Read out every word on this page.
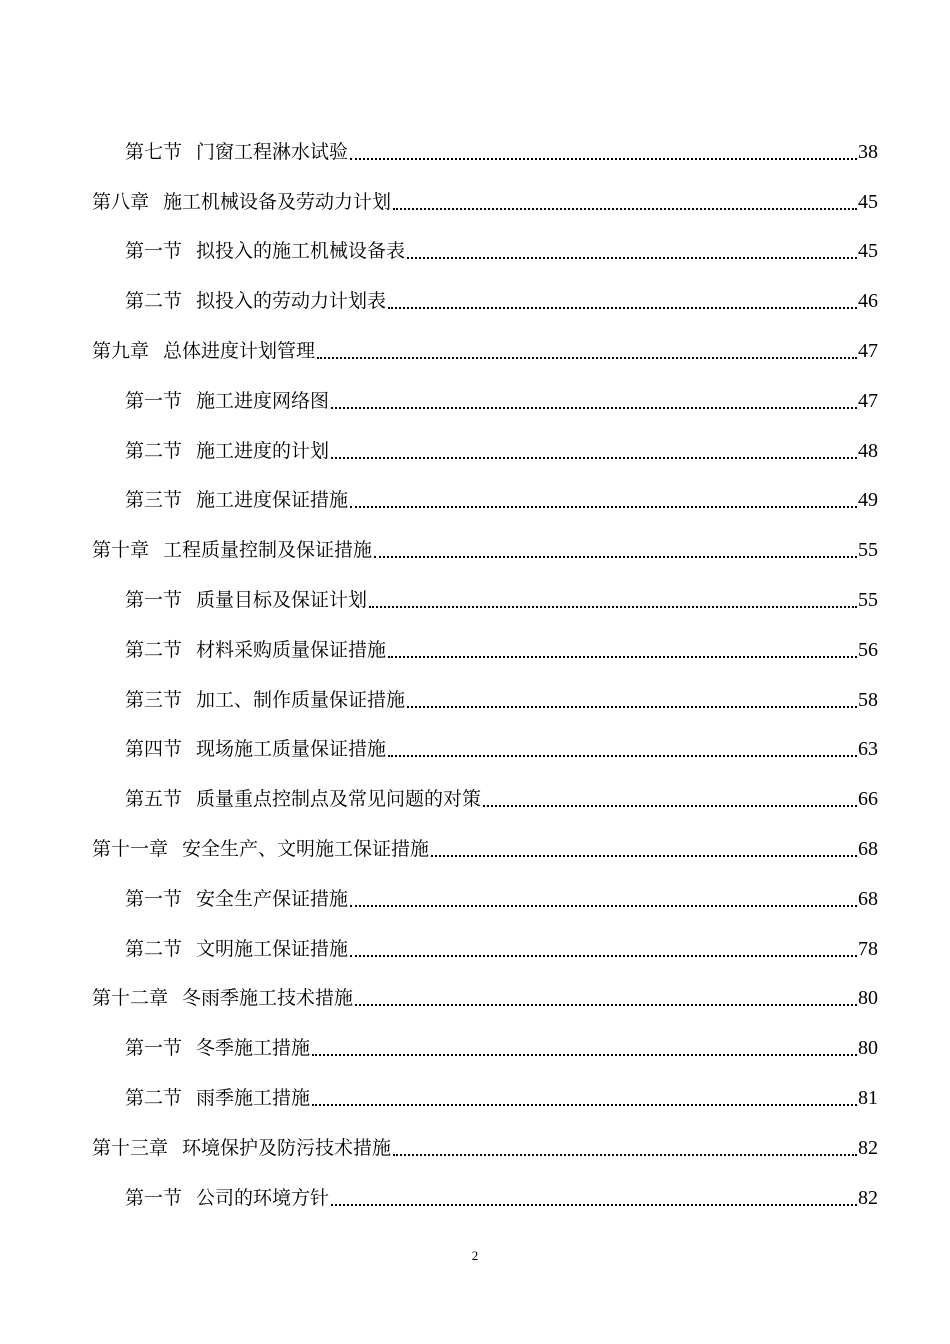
第七节 门窗工程淋水试验	38
第八章 施工机械设备及劳动力计划	45
第一节 拟投入的施工机械设备表	45
第二节 拟投入的劳动力计划表	46
第九章 总体进度计划管理	47
第一节 施工进度网络图	47
第二节 施工进度的计划	48
第三节 施工进度保证措施	49
第十章 工程质量控制及保证措施	55
第一节 质量目标及保证计划	55
第二节 材料采购质量保证措施	56
第三节 加工、制作质量保证措施	58
第四节 现场施工质量保证措施	63
第五节 质量重点控制点及常见问题的对策	66
第十一章 安全生产、文明施工保证措施	68
第一节 安全生产保证措施	68
第二节 文明施工保证措施	78
第十二章 冬雨季施工技术措施	80
第一节 冬季施工措施	80
第二节 雨季施工措施	81
第十三章 环境保护及防污技术措施	82
第一节 公司的环境方针	82
2
